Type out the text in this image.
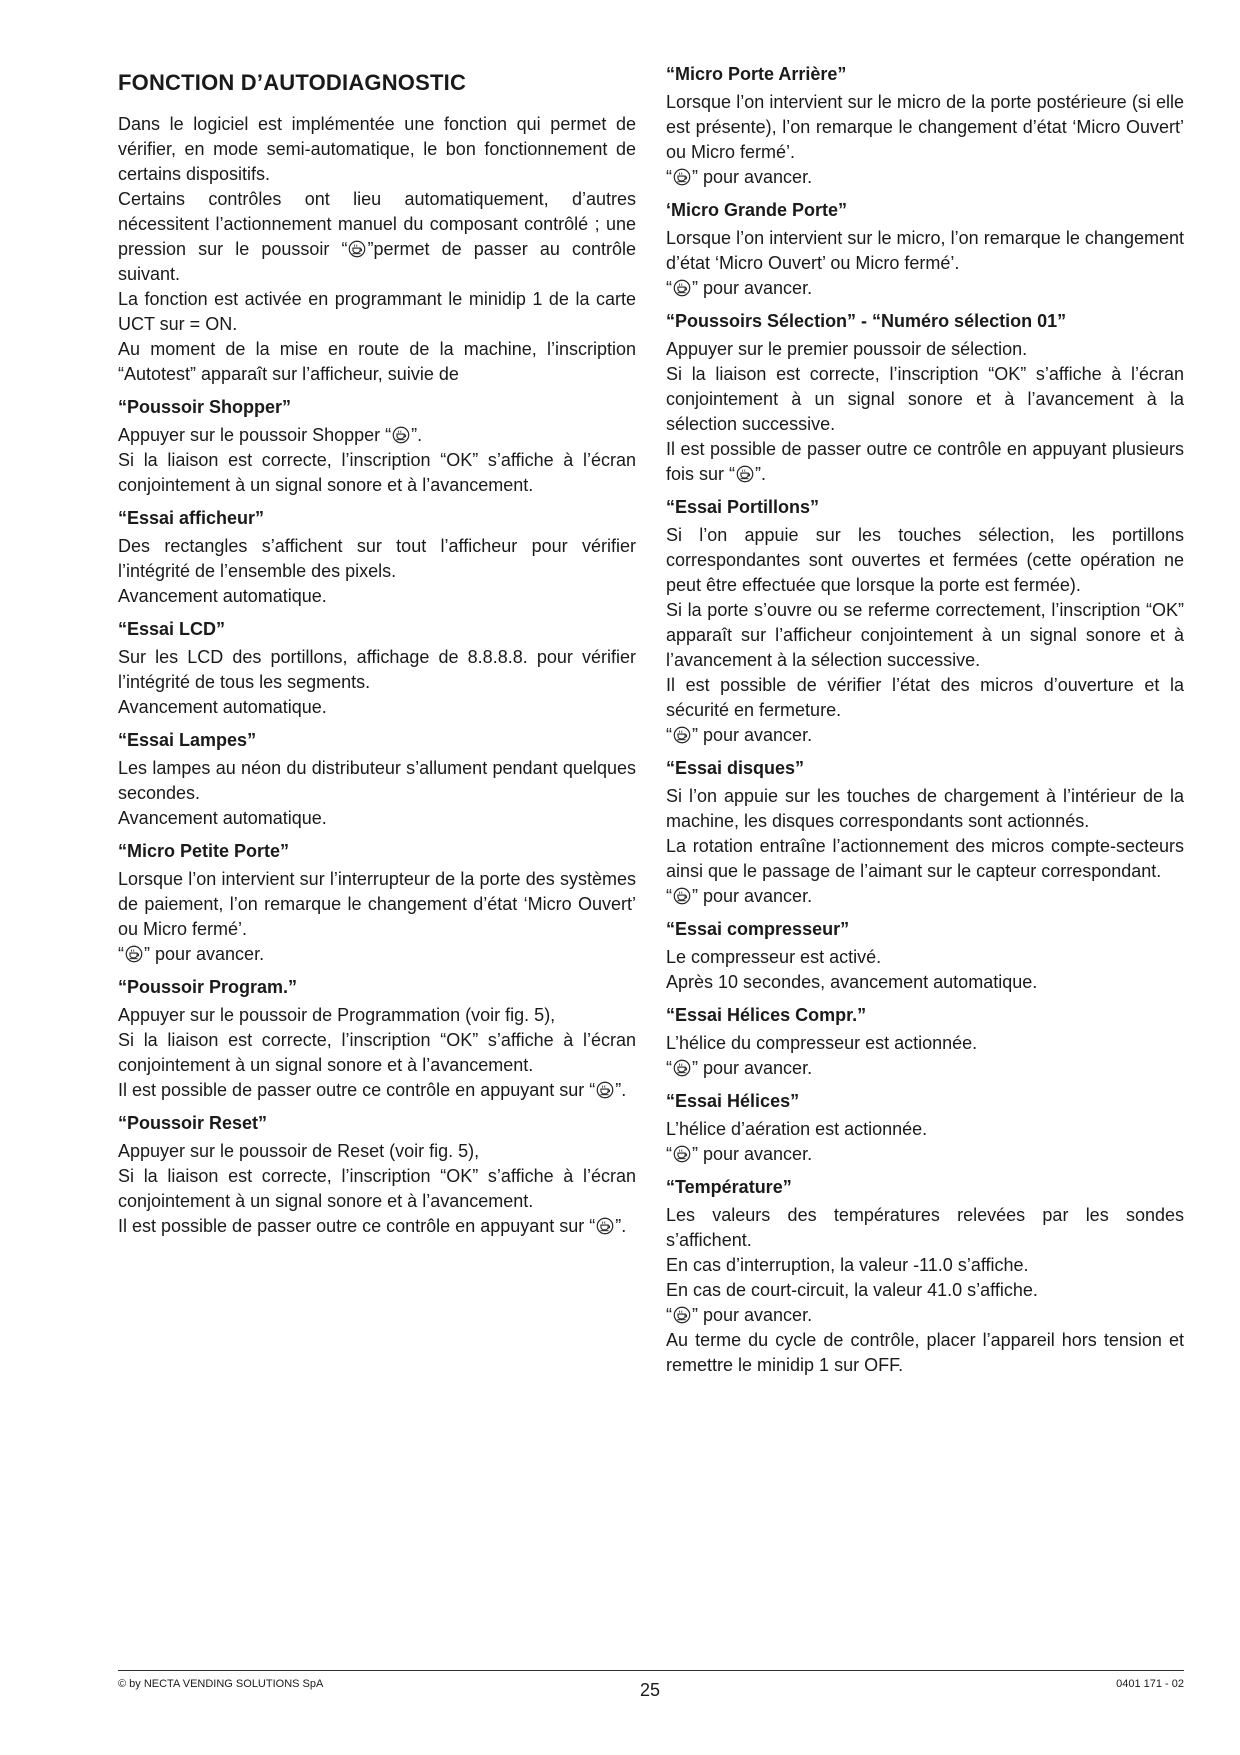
FONCTION D’AUTODIAGNOSTIC

Dans le logiciel est implémentée une fonction qui permet de vérifier, en mode semi-automatique, le bon fonctionnement de certains dispositifs.

Certains contrôles ont lieu automatiquement, d’autres nécessitent l’actionnement manuel du composant contrôlé ; une pression sur le poussoir “ ”permet de passer au contrôle suivant.

La fonction est activée en programmant le minidip 1 de la carte UCT sur = ON.

Au moment de la mise en route de la machine, l’inscription “Autotest” apparaît sur l’afficheur, suivie de

“Poussoir Shopper”

Appuyer sur le poussoir Shopper “ ”.

Si la liaison est correcte, l’inscription “OK” s’affiche à l’écran conjointement à un signal sonore et à l’avancement.

“Essai afficheur”

Des rectangles s’affichent sur tout l’afficheur pour vérifier l’intégrité de l’ensemble des pixels.

Avancement automatique.

“Essai LCD”

Sur les LCD des portillons, affichage de 8.8.8.8. pour vérifier l’intégrité de tous les segments.

Avancement automatique.

“Essai Lampes”

Les lampes au néon du distributeur s’allument pendant quelques secondes.

Avancement automatique.

“Micro Petite Porte”

Lorsque l’on intervient sur l’interrupteur de la porte des systèmes de paiement, l’on remarque le changement d’état ‘Micro Ouvert’ ou Micro fermé’.

“ ” pour avancer.

“Poussoir Program.”

Appuyer sur le poussoir de Programmation (voir fig. 5),

Si la liaison est correcte, l’inscription “OK” s’affiche à l’écran conjointement à un signal sonore et à l’avancement.

Il est possible de passer outre ce contrôle en appuyant sur “ ”.

“Poussoir Reset”

Appuyer sur le poussoir de Reset (voir fig. 5),

Si la liaison est correcte, l’inscription “OK” s’affiche à l’écran conjointement à un signal sonore et à l’avancement.

Il est possible de passer outre ce contrôle en appuyant sur “ ”.

“Micro Porte Arrière”

Lorsque l’on intervient sur le micro de la porte postérieure (si elle est présente), l’on remarque le changement d’état ‘Micro Ouvert’ ou Micro fermé’.

“ ” pour avancer.

‘Micro Grande Porte”

Lorsque l’on intervient sur le micro, l’on remarque le changement d’état ‘Micro Ouvert’ ou Micro fermé’.

“ ” pour avancer.

“Poussoirs Sélection” - “Numéro sélection 01”

Appuyer sur le premier poussoir de sélection.

Si la liaison est correcte, l’inscription “OK” s’affiche à l’écran conjointement à un signal sonore et à l’avancement à la sélection successive.

Il est possible de passer outre ce contrôle en appuyant plusieurs fois sur “ ”.

“Essai Portillons”

Si l’on appuie sur les touches sélection, les portillons correspondantes sont ouvertes et fermées (cette opération ne peut être effectuée que lorsque la porte est fermée).

Si la porte s’ouvre ou se referme correctement, l’inscription “OK” apparaît sur l’afficheur conjointement à un signal sonore et à l’avancement à la sélection successive.

Il est possible de vérifier l’état des micros d’ouverture et la sécurité en fermeture.

“ ” pour avancer.

“Essai disques”

Si l’on appuie sur les touches de chargement à l’intérieur de la machine, les disques correspondants sont actionnés.

La rotation entraîne l’actionnement des micros compte-secteurs ainsi que le passage de l’aimant sur le capteur correspondant.

“ ” pour avancer.

“Essai compresseur”

Le compresseur est activé.

Après 10 secondes, avancement automatique.

“Essai Hélices Compr.”

L’hélice du compresseur est actionnée.

“ ” pour avancer.

“Essai Hélices”

L’hélice d’aération est actionnée.

“ ” pour avancer.

“Température”

Les valeurs des températures relevées par les sondes s’affichent.

En cas d’interruption, la valeur -11.0 s’affiche.

En cas de court-circuit, la valeur 41.0 s’affiche.

“ ” pour avancer.

Au terme du cycle de contrôle, placer l’appareil hors tension et remettre le minidip 1 sur OFF.

© by NECTA VENDING SOLUTIONS SpA	25	0401 171 - 02
